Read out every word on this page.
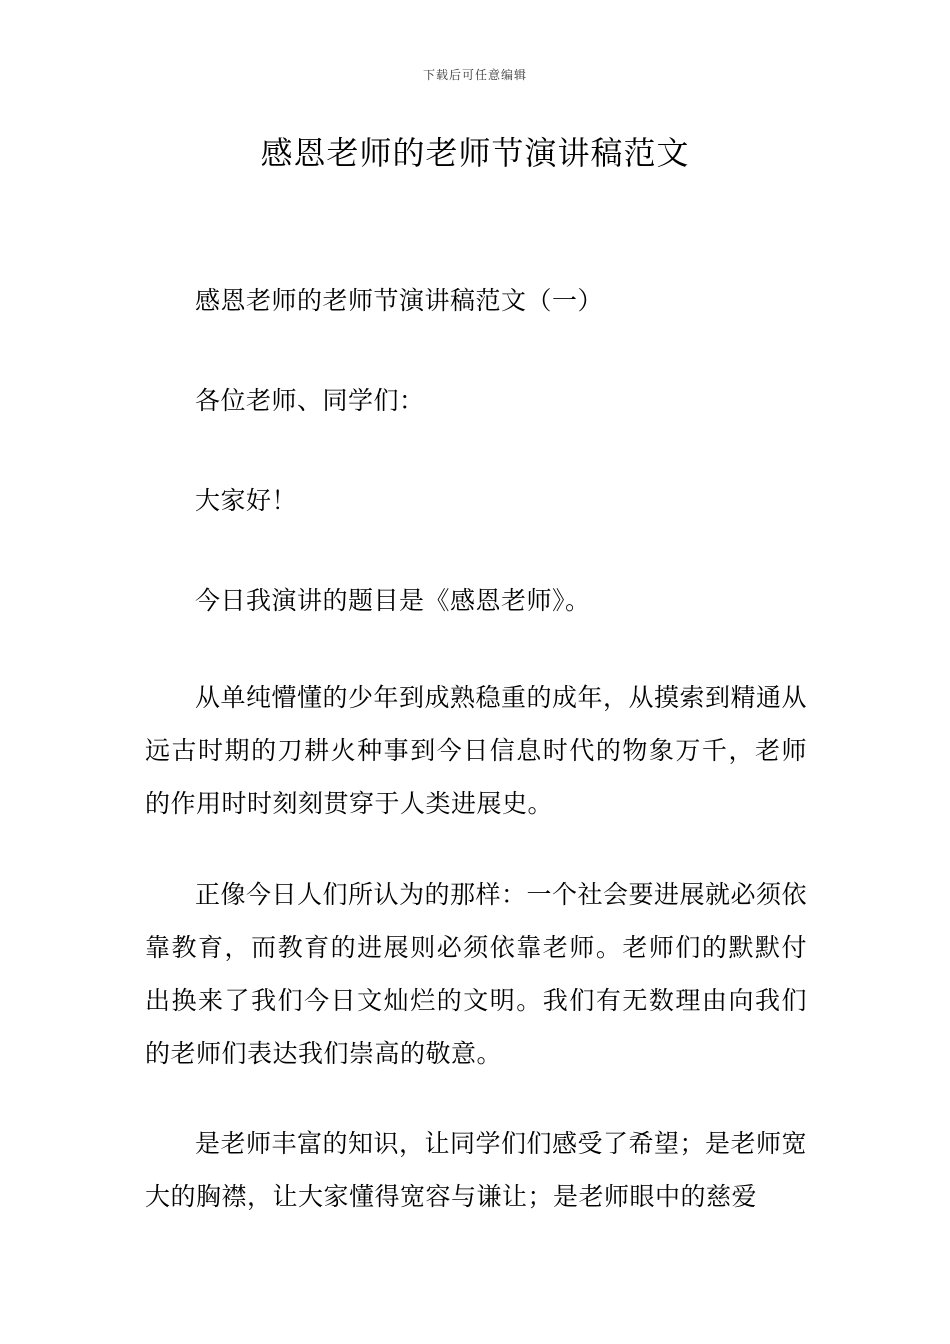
下载后可任意编辑
感恩老师的老师节演讲稿范文

感恩老师的老师节演讲稿范文（一）

各位老师、同学们：

大家好！

今日我演讲的题目是《感恩老师》。

从单纯懵懂的少年到成熟稳重的成年，从摸索到精通从远古时期的刀耕火种事到今日信息时代的物象万千，老师的作用时时刻刻贯穿于人类进展史。

正像今日人们所认为的那样：一个社会要进展就必须依靠教育，而教育的进展则必须依靠老师。老师们的默默付出换来了我们今日文灿烂的文明。我们有无数理由向我们的老师们表达我们崇高的敬意。

是老师丰富的知识，让同学们们感受了希望；是老师宽大的胸襟，让大家懂得宽容与谦让；是老师眼中的慈爱
